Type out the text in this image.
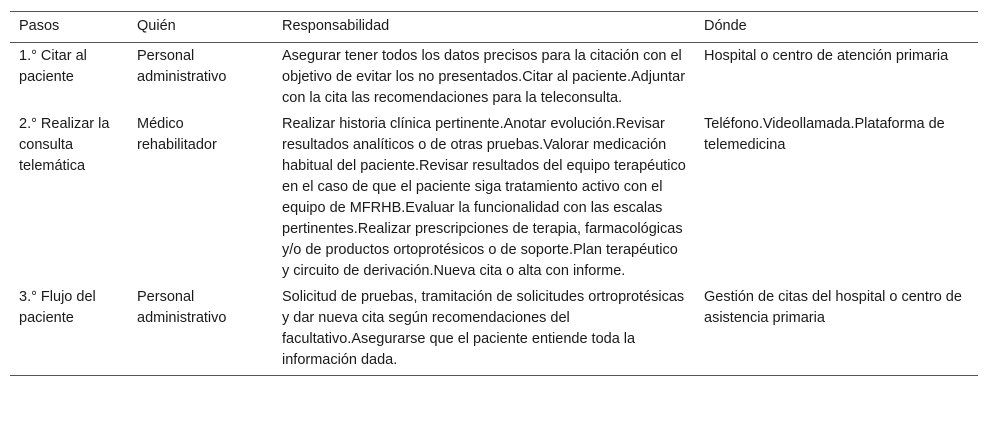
Pasos	Quién	Responsabilidad	Dónde
1.° Citar al paciente	Personal administrativo	Asegurar tener todos los datos precisos para la citación con el objetivo de evitar los no presentados.Citar al paciente.Adjuntar con la cita las recomendaciones para la teleconsulta.	Hospital o centro de atención primaria
2.° Realizar la consulta telemática	Médico rehabilitador	Realizar historia clínica pertinente.Anotar evolución.Revisar resultados analíticos o de otras pruebas.Valorar medicación habitual del paciente.Revisar resultados del equipo terapéutico en el caso de que el paciente siga tratamiento activo con el equipo de MFRHB.Evaluar la funcionalidad con las escalas pertinentes.Realizar prescripciones de terapia, farmacológicas y/o de productos ortoprotésicos o de soporte.Plan terapéutico y circuito de derivación.Nueva cita o alta con informe.	Teléfono.Videollamada.Plataforma de telemedicina
3.° Flujo del paciente	Personal administrativo	Solicitud de pruebas, tramitación de solicitudes ortroprotésicas y dar nueva cita según recomendaciones del facultativo.Asegurarse que el paciente entiende toda la información dada.	Gestión de citas del hospital o centro de asistencia primaria
